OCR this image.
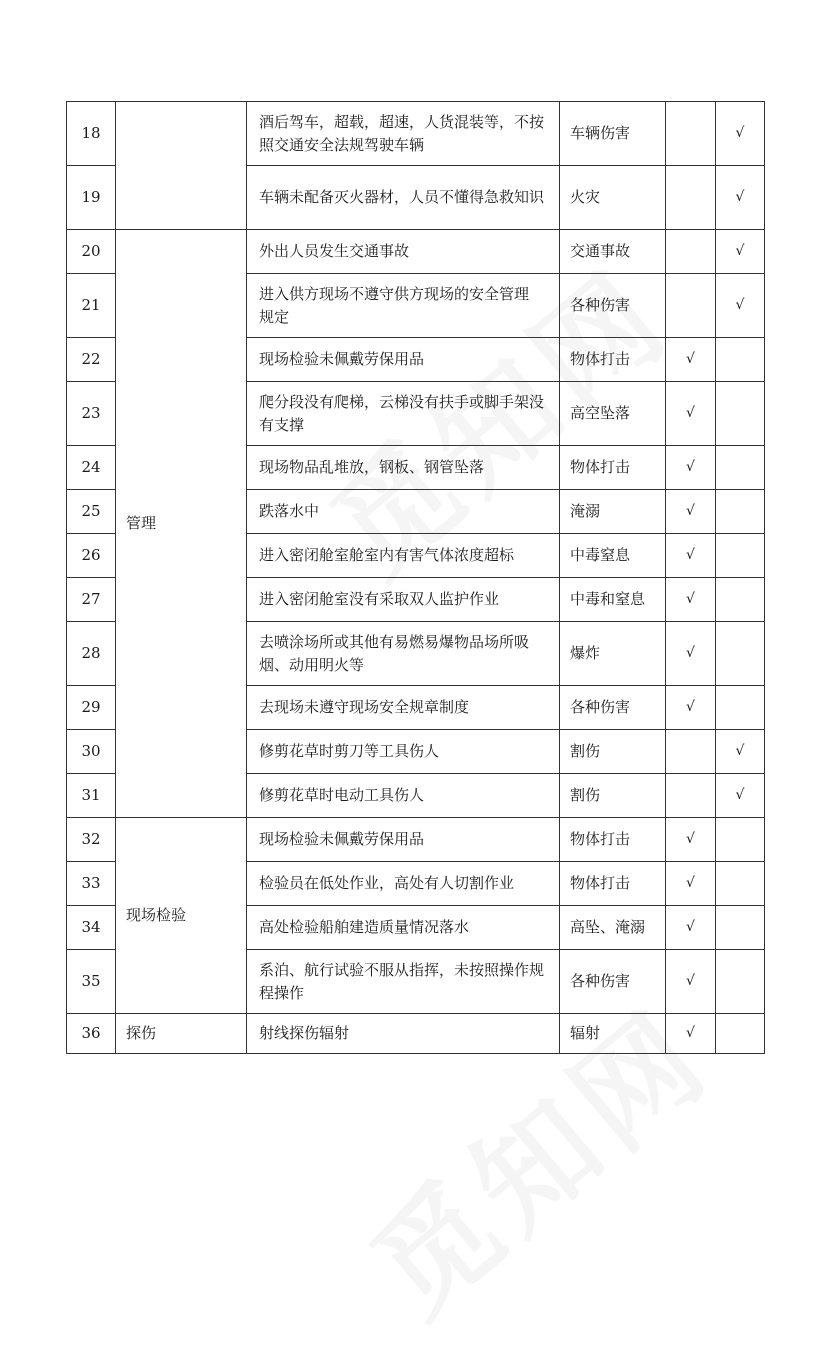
18		酒后驾车，超载，超速，人货混装等，不按照交通安全法规驾驶车辆	车辆伤害		√
19		车辆未配备灭火器材，人员不懂得急救知识	火灾		√
20	管理	外出人员发生交通事故	交通事故		√
21		进入供方现场不遵守供方现场的安全管理　　规定	各种伤害		√
22		现场检验未佩戴劳保用品	物体打击	√	
23		爬分段没有爬梯，云梯没有扶手或脚手架没有支撑	高空坠落	√	
24		现场物品乱堆放，钢板、钢管坠落	物体打击	√	
25		跌落水中	淹溺	√	
26		进入密闭舱室舱室内有害气体浓度超标	中毒窒息	√	
27		进入密闭舱室没有采取双人监护作业	中毒和窒息	√	
28		去喷涂场所或其他有易燃易爆物品场所吸烟、动用明火等	爆炸	√	
29		去现场未遵守现场安全规章制度	各种伤害	√	
30		修剪花草时剪刀等工具伤人	割伤		√
31		修剪花草时电动工具伤人	割伤		√
32	现场检验	现场检验未佩戴劳保用品	物体打击	√	
33		检验员在低处作业，高处有人切割作业	物体打击	√	
34		高处检验船舶建造质量情况落水	高坠、淹溺	√	
35		系泊、航行试验不服从指挥，未按照操作规程操作	各种伤害	√	
36	探伤	射线探伤辐射	辐射	√	
